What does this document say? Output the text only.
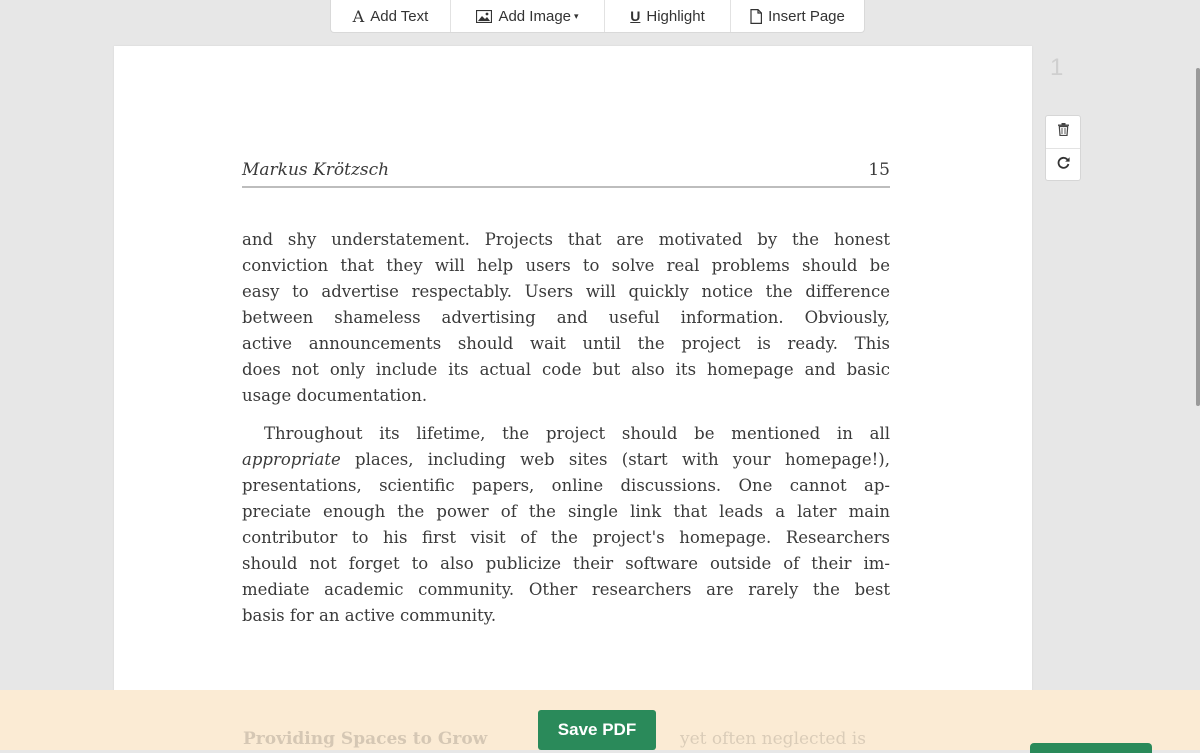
A Add Text	Add Image ▾	U Highlight	Insert Page
Markus Krötzsch	15
and shy understatement. Projects that are motivated by the honest
conviction that they will help users to solve real problems should be
easy to advertise respectably. Users will quickly notice the difference
between shameless advertising and useful information. Obviously,
active announcements should wait until the project is ready. This
does not only include its actual code but also its homepage and basic
usage documentation.
Throughout its lifetime, the project should be mentioned in all
appropriate places, including web sites (start with your homepage!),
presentations, scientific papers, online discussions. One cannot ap-
preciate enough the power of the single link that leads a later main
contributor to his first visit of the project's homepage. Researchers
should not forget to also publicize their software outside of their im-
mediate academic community. Other researchers are rarely the best
basis for an active community.
1
Providing Spaces to Grow	yet often neglected is
Save PDF
